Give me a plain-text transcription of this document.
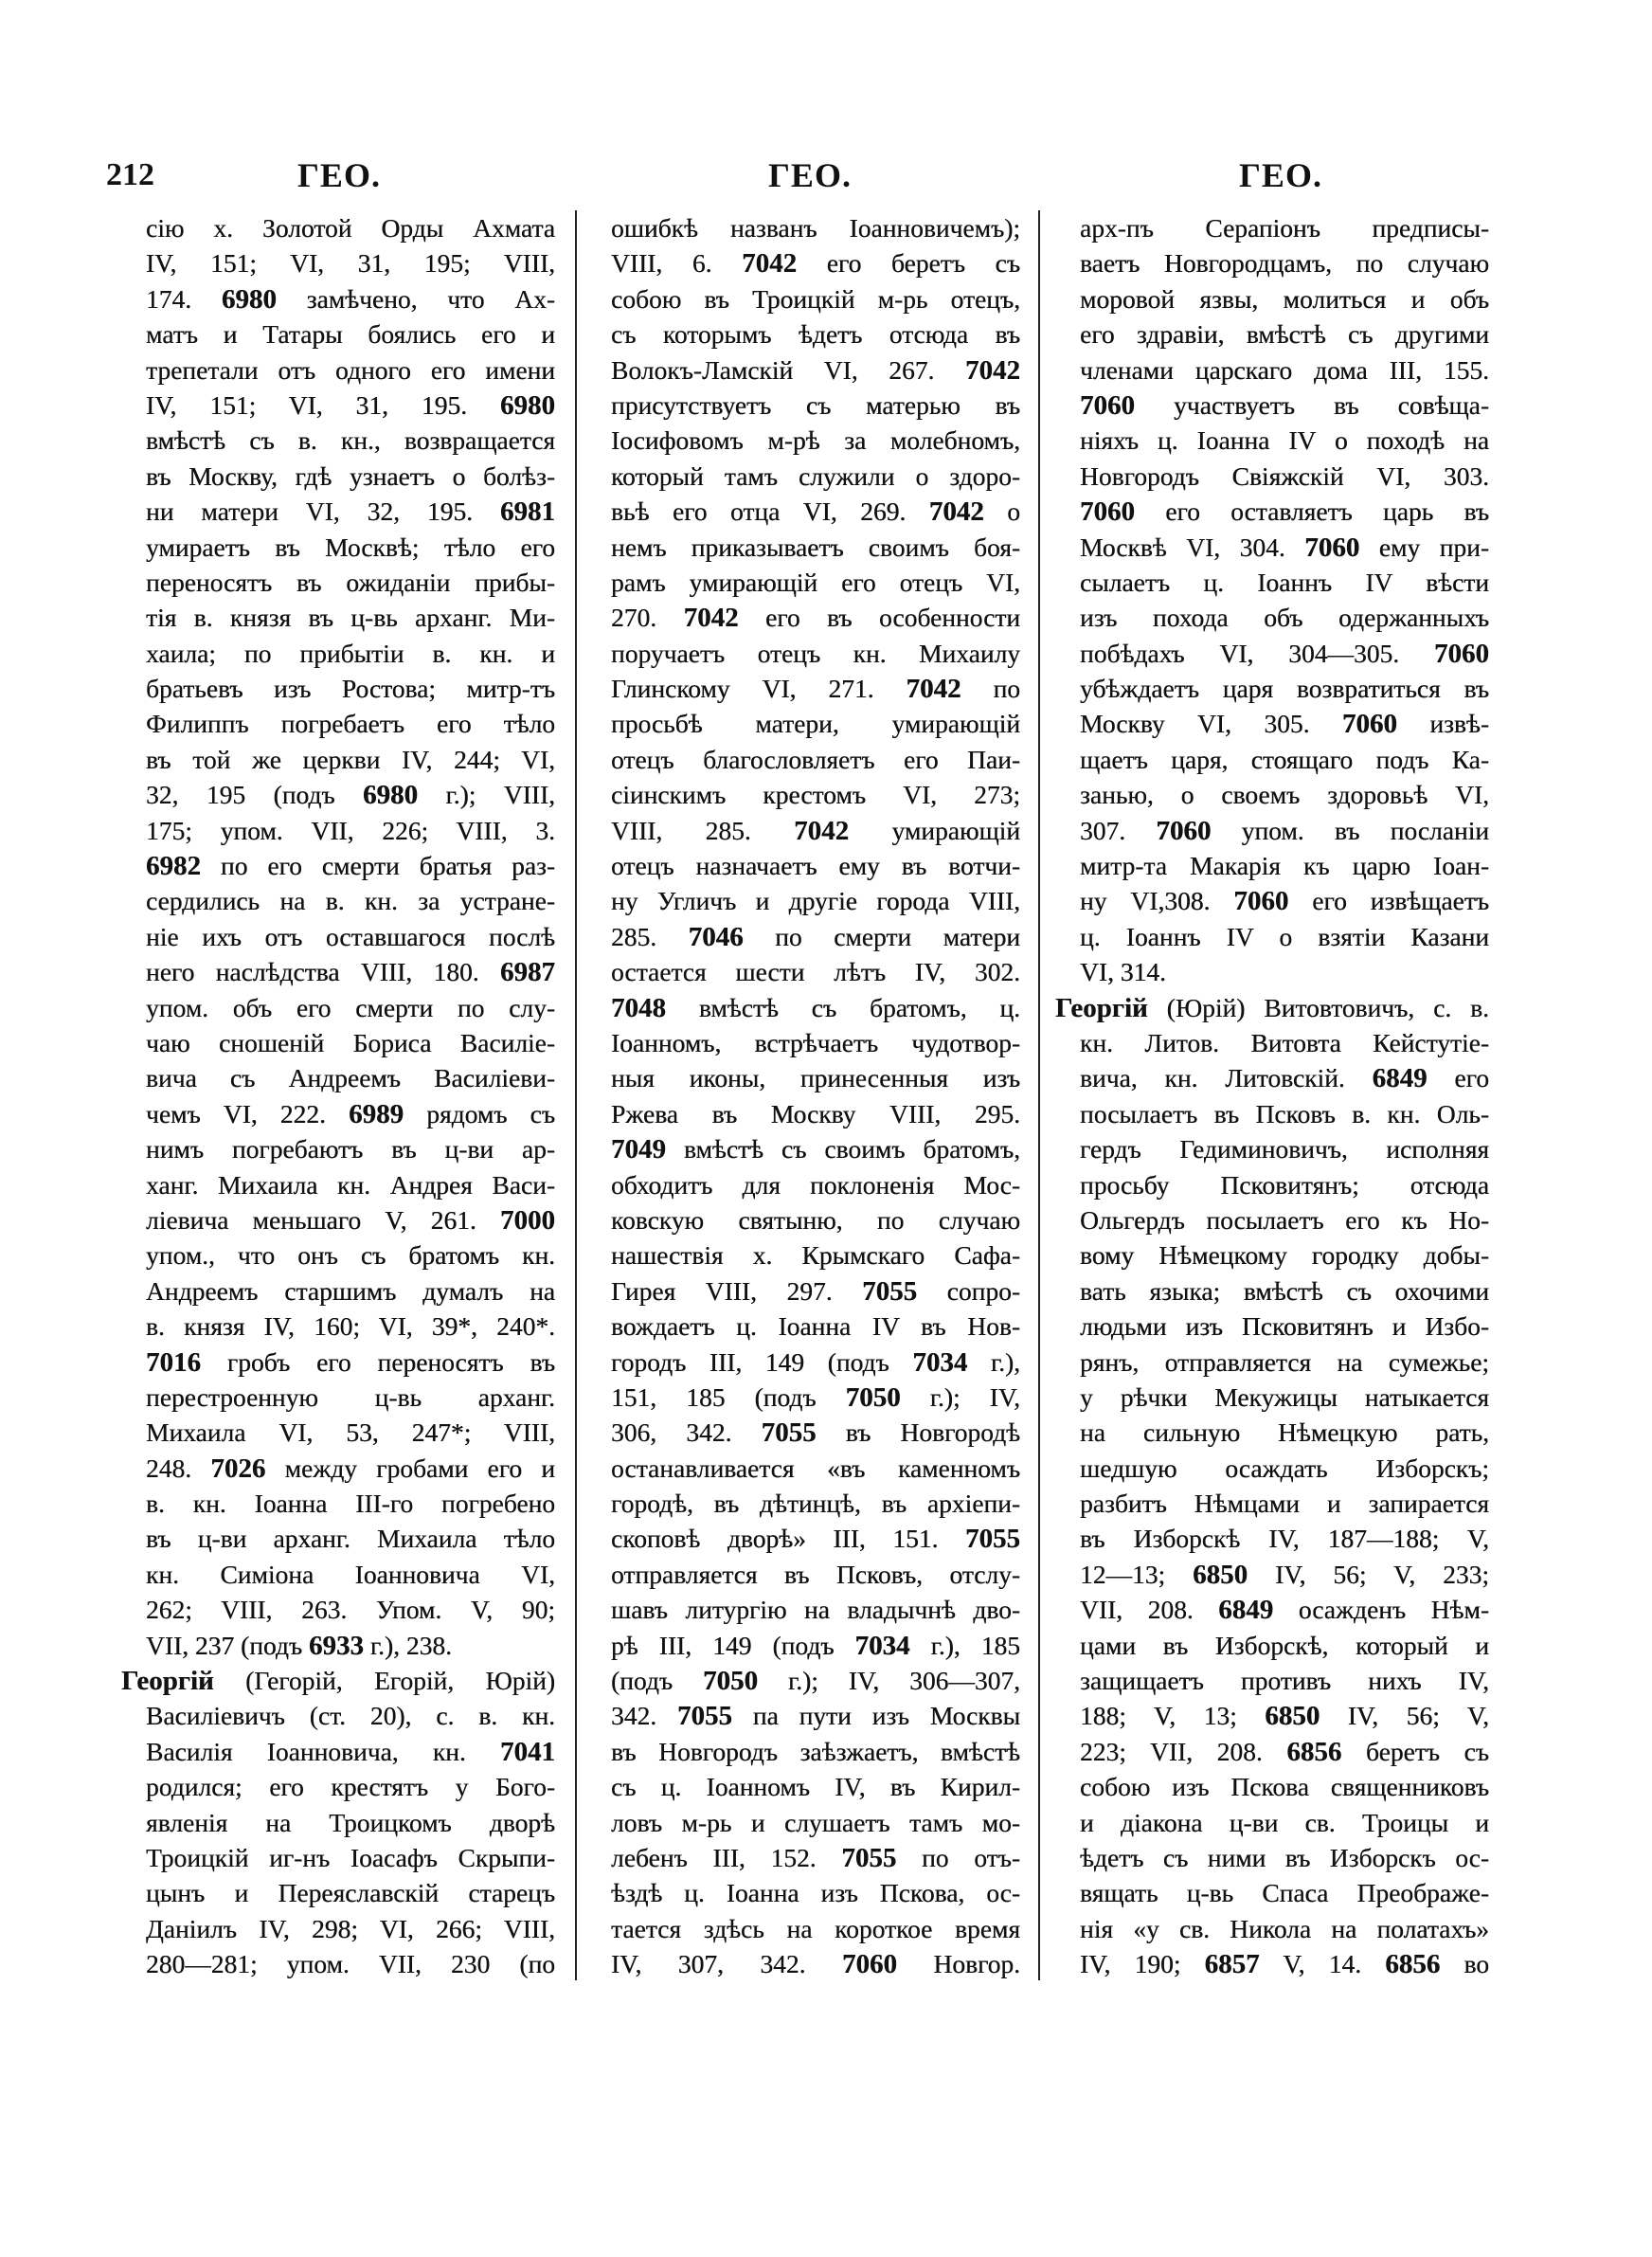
212	ГЕО.	ГЕО.	ГЕО.
сію х. Золотой Орды Ахмата
IV, 151; VI, 31, 195; VIII,
174. 6980 замѣчено, что Ах-
матъ и Татары боялись его и
трепетали отъ одного его имени
IV, 151; VI, 31, 195. 6980
вмѣстѣ съ в. кн., возвращается
въ Москву, гдѣ узнаетъ о болѣз-
ни матери VI, 32, 195. 6981
умираетъ въ Москвѣ; тѣло его
переносятъ въ ожиданіи прибы-
тія в. князя въ ц-вь арханг. Ми-
хаила; по прибытіи в. кн. и
братьевъ изъ Ростова; митр-тъ
Филиппъ погребаетъ его тѣло
въ той же церкви IV, 244; VI,
32, 195 (подъ 6980 г.); VIII,
175; упом. VII, 226; VIII, 3.
6982 по его смерти братья раз-
сердились на в. кн. за устране-
ніе ихъ отъ оставшагося послѣ
него наслѣдства VIII, 180. 6987
упом. объ его смерти по слу-
чаю сношеній Бориса Василіе-
вича съ Андреемъ Василіеви-
чемъ VI, 222. 6989 рядомъ съ
нимъ погребаютъ въ ц-ви ар-
ханг. Михаила кн. Андрея Васи-
ліевича меньшаго V, 261. 7000
упом., что онъ съ братомъ кн.
Андреемъ старшимъ думалъ на
в. князя IV, 160; VI, 39*, 240*.
7016 гробъ его переносятъ въ
перестроенную ц-вь арханг.
Михаила VI, 53, 247*; VIII,
248. 7026 между гробами его и
в. кн. Іоанна III-го погребено
въ ц-ви арханг. Михаила тѣло
кн. Симіона Іоанновича VI,
262; VIII, 263. Упом. V, 90;
VII, 237 (подъ 6933 г.), 238.
Георгій (Гегорій, Егорій, Юрій)
Василіевичъ (ст. 20), с. в. кн.
Василія Іоанновича, кн. 7041
родился; его крестятъ у Бого-
явленія на Троицкомъ дворѣ
Троицкій иг-нъ Іоасафъ Скрыпи-
цынъ и Переяславскій старецъ
Даніилъ IV, 298; VI, 266; VIII,
280—281; упом. VII, 230 (по
ошибкѣ названъ Іоанновичемъ);
VIII, 6. 7042 его беретъ съ
собою въ Троицкій м-рь отецъ,
съ которымъ ѣдетъ отсюда въ
Волокъ-Ламскій VI, 267. 7042
присутствуетъ съ матерью въ
Іосифовомъ м-рѣ за молебномъ,
который тамъ служили о здоро-
вьѣ его отца VI, 269. 7042 о
немъ приказываетъ своимъ боя-
рамъ умирающій его отецъ VI,
270. 7042 его въ особенности
поручаетъ отецъ кн. Михаилу
Глинскому VI, 271. 7042 по
просьбѣ матери, умирающій
отецъ благословляетъ его Паи-
сіинскимъ крестомъ VI, 273;
VIII, 285. 7042 умирающій
отецъ назначаетъ ему въ вотчи-
ну Угличъ и другіе города VIII,
285. 7046 по смерти матери
остается шести лѣтъ IV, 302.
7048 вмѣстѣ съ братомъ, ц.
Іоанномъ, встрѣчаетъ чудотвор-
ныя иконы, принесенныя изъ
Ржева въ Москву VIII, 295.
7049 вмѣстѣ съ своимъ братомъ,
обходитъ для поклоненія Мос-
ковскую святыню, по случаю
нашествія х. Крымскаго Сафа-
Гирея VIII, 297. 7055 сопро-
вождаетъ ц. Іоанна IV въ Нов-
городъ III, 149 (подъ 7034 г.),
151, 185 (подъ 7050 г.); IV,
306, 342. 7055 въ Новгородѣ
останавливается «въ каменномъ
городѣ, въ дѣтинцѣ, въ архіепи-
скоповѣ дворѣ» III, 151. 7055
отправляется въ Псковъ, отслу-
шавъ литургію на владычнѣ дво-
рѣ III, 149 (подъ 7034 г.), 185
(подъ 7050 г.); IV, 306—307,
342. 7055 па пути изъ Москвы
въ Новгородъ заѣзжаетъ, вмѣстѣ
съ ц. Іоанномъ IV, въ Кирил-
ловъ м-рь и слушаетъ тамъ мо-
лебенъ III, 152. 7055 по отъ-
ѣздѣ ц. Іоанна изъ Пскова, ос-
тается здѣсь на короткое время
IV, 307, 342. 7060 Новгор.
арх-пъ Серапіонъ предписы-
ваетъ Новгородцамъ, по случаю
моровой язвы, молиться и объ
его здравіи, вмѣстѣ съ другими
членами царскаго дома III, 155.
7060 участвуетъ въ совѣща-
ніяхъ ц. Іоанна IV о походѣ на
Новгородъ Свіяжскій VI, 303.
7060 его оставляетъ царь въ
Москвѣ VI, 304. 7060 ему при-
сылаетъ ц. Іоаннъ IV вѣсти
изъ похода объ одержанныхъ
побѣдахъ VI, 304—305. 7060
убѣждаетъ царя возвратиться въ
Москву VI, 305. 7060 извѣ-
щаетъ царя, стоящаго подъ Ка-
занью, о своемъ здоровьѣ VI,
307. 7060 упом. въ посланіи
митр-та Макарія къ царю Іоан-
ну VI,308. 7060 его извѣщаетъ
ц. Іоаннъ IV о взятіи Казани
VI, 314.
Георгій (Юрій) Витовтовичъ, с. в.
кн. Литов. Витовта Кейстутіе-
вича, кн. Литовскій. 6849 его
посылаетъ въ Псковъ в. кн. Оль-
гердъ Гедиминовичъ, исполняя
просьбу Псковитянъ; отсюда
Ольгердъ посылаетъ его къ Но-
вому Нѣмецкому городку добы-
вать языка; вмѣстѣ съ охочими
людьми изъ Псковитянъ и Избо-
рянъ, отправляется на сумежье;
у рѣчки Мекужицы натыкается
на сильную Нѣмецкую рать,
шедшую осаждать Изборскъ;
разбитъ Нѣмцами и запирается
въ Изборскѣ IV, 187—188; V,
12—13; 6850 IV, 56; V, 233;
VII, 208. 6849 осажденъ Нѣм-
цами въ Изборскѣ, который и
защищаетъ противъ нихъ IV,
188; V, 13; 6850 IV, 56; V,
223; VII, 208. 6856 беретъ съ
собою изъ Пскова священниковъ
и діакона ц-ви св. Троицы и
ѣдетъ съ ними въ Изборскъ ос-
вящать ц-вь Спаса Преображе-
нія «у св. Никола на полатахъ»
IV, 190; 6857 V, 14. 6856 во
